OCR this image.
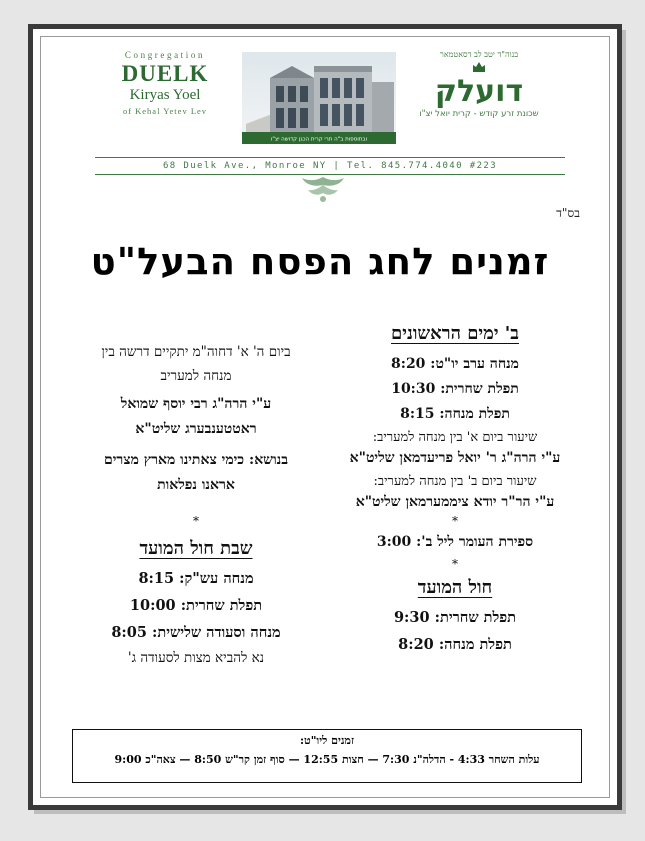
Congregation
DUELK
Kiryas Yoel
of Kehal Yetev Lev
ובתוספות ב"ה תרי קרית הכגן קדושה יצ"ו
בנוה"ד יטב לב דסאטמאר
דועלק
שכונת זרע קודש - קרית יואל יצ"ו
68 Duelk Ave., Monroe NY | Tel. 845.774.4040 #223
בס"ד
זמנים לחג הפסח הבעל"ט
ב' ימים הראשונים
מנחה ערב יו"ט: 8:20
תפלת שחרית: 10:30
תפלת מנחה: 8:15
שיעור ביום א' בין מנחה למעריב:
ע"י הרה"ג ר' יואל פריעדמאן שליט"א
שיעור ביום ב' בין מנחה למעריב:
ע"י הר"ר יודא ציממערמאן שליט"א
*
ספירת העומר ליל ב': 3:00
*
חול המועד
תפלת שחרית: 9:30
תפלת מנחה: 8:20
ביום ה' א' דחוה"מ יתקיים דרשה בין
מנחה למעריב
ע"י הרה"ג רבי יוסף שמואל
ראטטענבערג שליט"א
בנושא: כימי צאתינו מארץ מצרים
אראנו נפלאות
*
שבת חול המועד
מנחה עש"ק: 8:15
תפלת שחרית: 10:00
מנחה וסעודה שלישית: 8:05
נא להביא מצות לסעודה ג'
זמנים ליו"ט:
עלות השחר 4:33 - הדלה"נ 7:30 — חצות 12:55 — סוף זמן קר"ש 8:50 — צאה"כ 9:00
